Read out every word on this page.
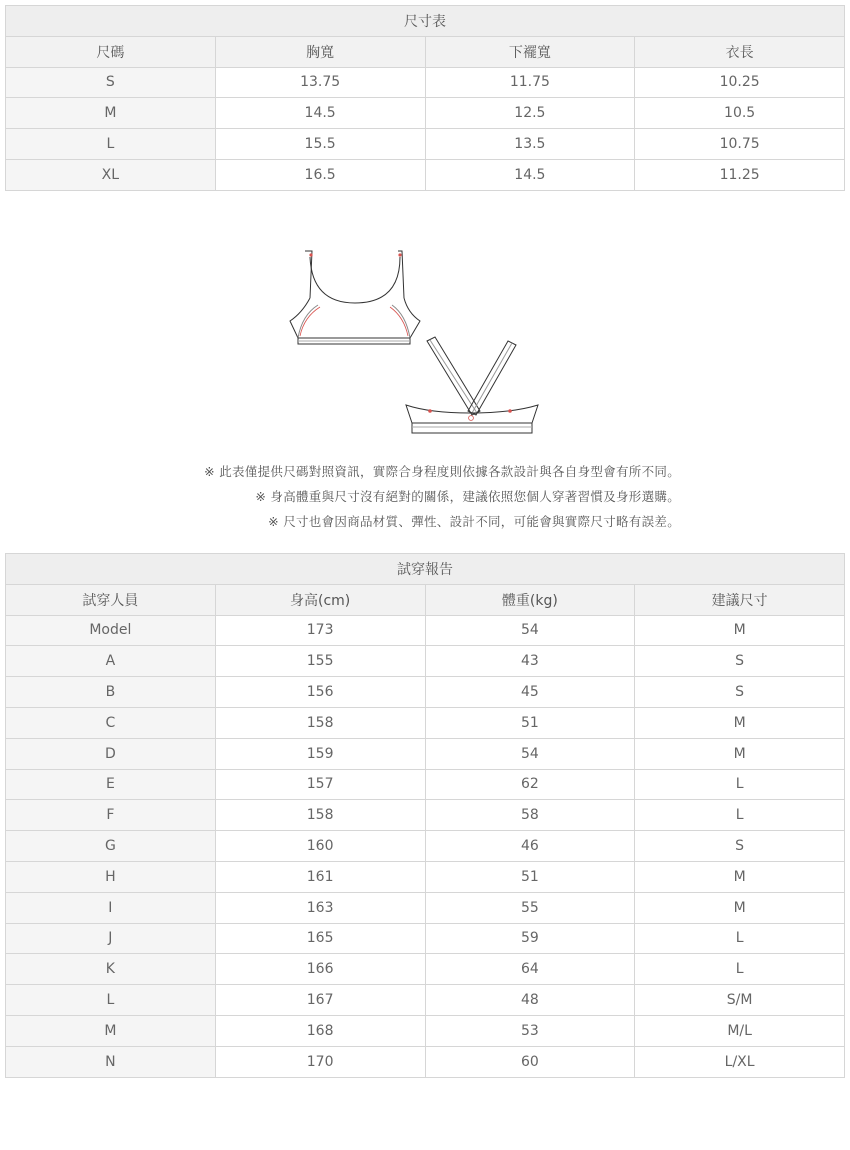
尺寸表			
尺碼	胸寬	下襬寬	衣長
S	13.75	11.75	10.25
M	14.5	12.5	10.5
L	15.5	13.5	10.75
XL	16.5	14.5	11.25
※ 此表僅提供尺碼對照資訊，實際合身程度則依據各款設計與各自身型會有所不同。
※ 身高體重與尺寸沒有絕對的關係，建議依照您個人穿著習慣及身形選購。
※ 尺寸也會因商品材質、彈性、設計不同，可能會與實際尺寸略有誤差。
試穿報告			
試穿人員	身高(cm)	體重(kg)	建議尺寸
Model	173	54	M
A	155	43	S
B	156	45	S
C	158	51	M
D	159	54	M
E	157	62	L
F	158	58	L
G	160	46	S
H	161	51	M
I	163	55	M
J	165	59	L
K	166	64	L
L	167	48	S/M
M	168	53	M/L
N	170	60	L/XL
